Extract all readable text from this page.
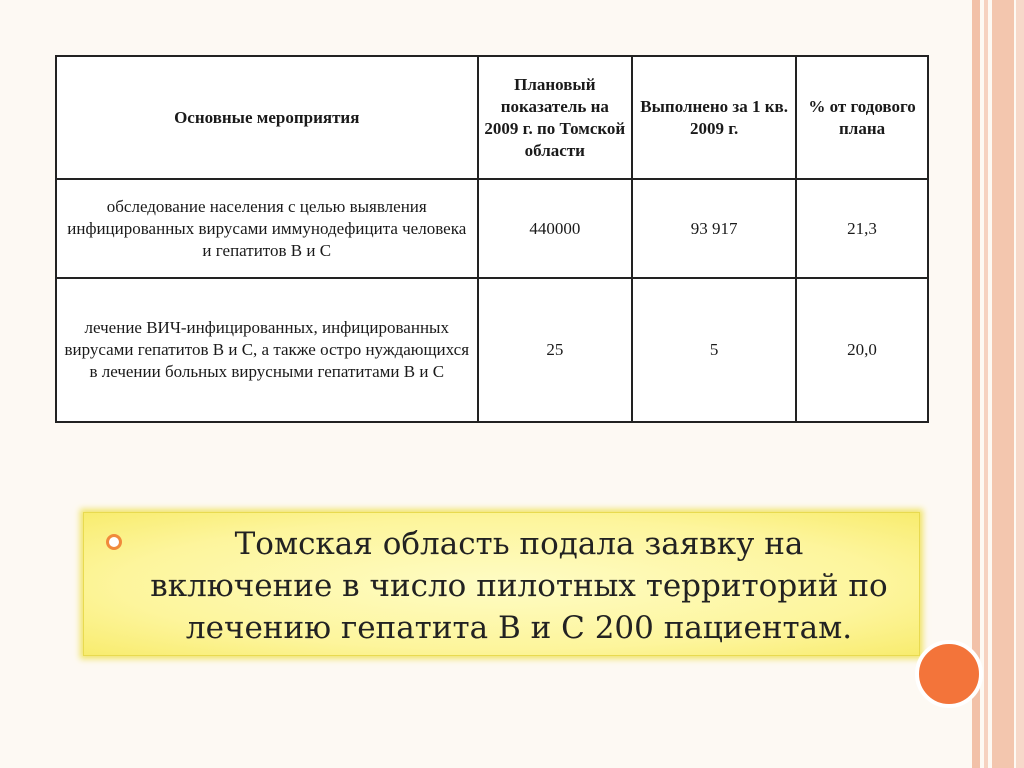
Основные мероприятия	Плановый показатель на 2009 г. по Томской области	Выполнено за 1 кв. 2009 г.	% от годового плана
обследование населения с целью выявления инфицированных вирусами иммунодефицита человека и гепатитов В и С	440000	93 917	21,3
лечение ВИЧ-инфицированных, инфицированных вирусами гепатитов В и С, а также остро нуждающихся в лечении больных вирусными гепатитами В и С	25	5	20,0
Томская область подала заявку на включение в число пилотных территорий по лечению гепатита В и С 200 пациентам.
